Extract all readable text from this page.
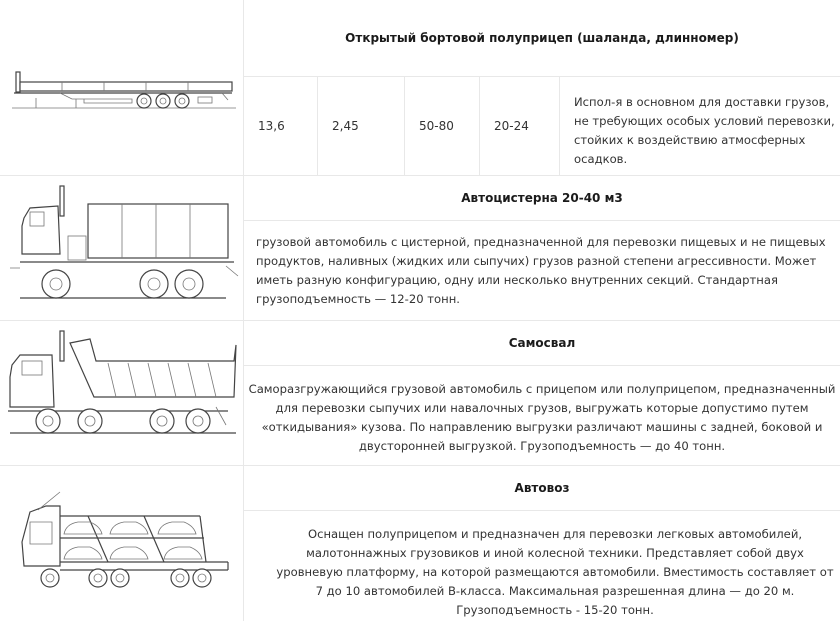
Открытый бортовой полуприцеп (шаланда, длинномер)
13,6	2,45	50-80	20-24
Испол-я в основном для доставки грузов, не требующих особых условий перевозки, стойких к воздействию атмосферных осадков.
Автоцистерна 20-40 м3
грузовой автомобиль с цистерной, предназначенной для перевозки пищевых и не пищевых продуктов, наливных (жидких или сыпучих) грузов разной степени агрессивности. Может иметь разную конфигурацию, одну или несколько внутренних секций. Стандартная грузоподъемность — 12-20 тонн.
Самосвал
Саморазгружающийся грузовой автомобиль с прицепом или полуприцепом, предназначенный для перевозки сыпучих или навалочных грузов, выгружать которые допустимо путем «откидывания» кузова. По направлению выгрузки различают машины с задней, боковой и двусторонней выгрузкой. Грузоподъемность — до 40 тонн.
Автовоз
Оснащен полуприцепом и предназначен для перевозки легковых автомобилей, малотоннажных грузовиков и иной колесной техники. Представляет собой двух уровневую платформу, на которой размещаются автомобили. Вместимость составляет от 7 до 10 автомобилей B-класса. Максимальная разрешенная длина — до 20 м. Грузоподъемность - 15-20 тонн.
